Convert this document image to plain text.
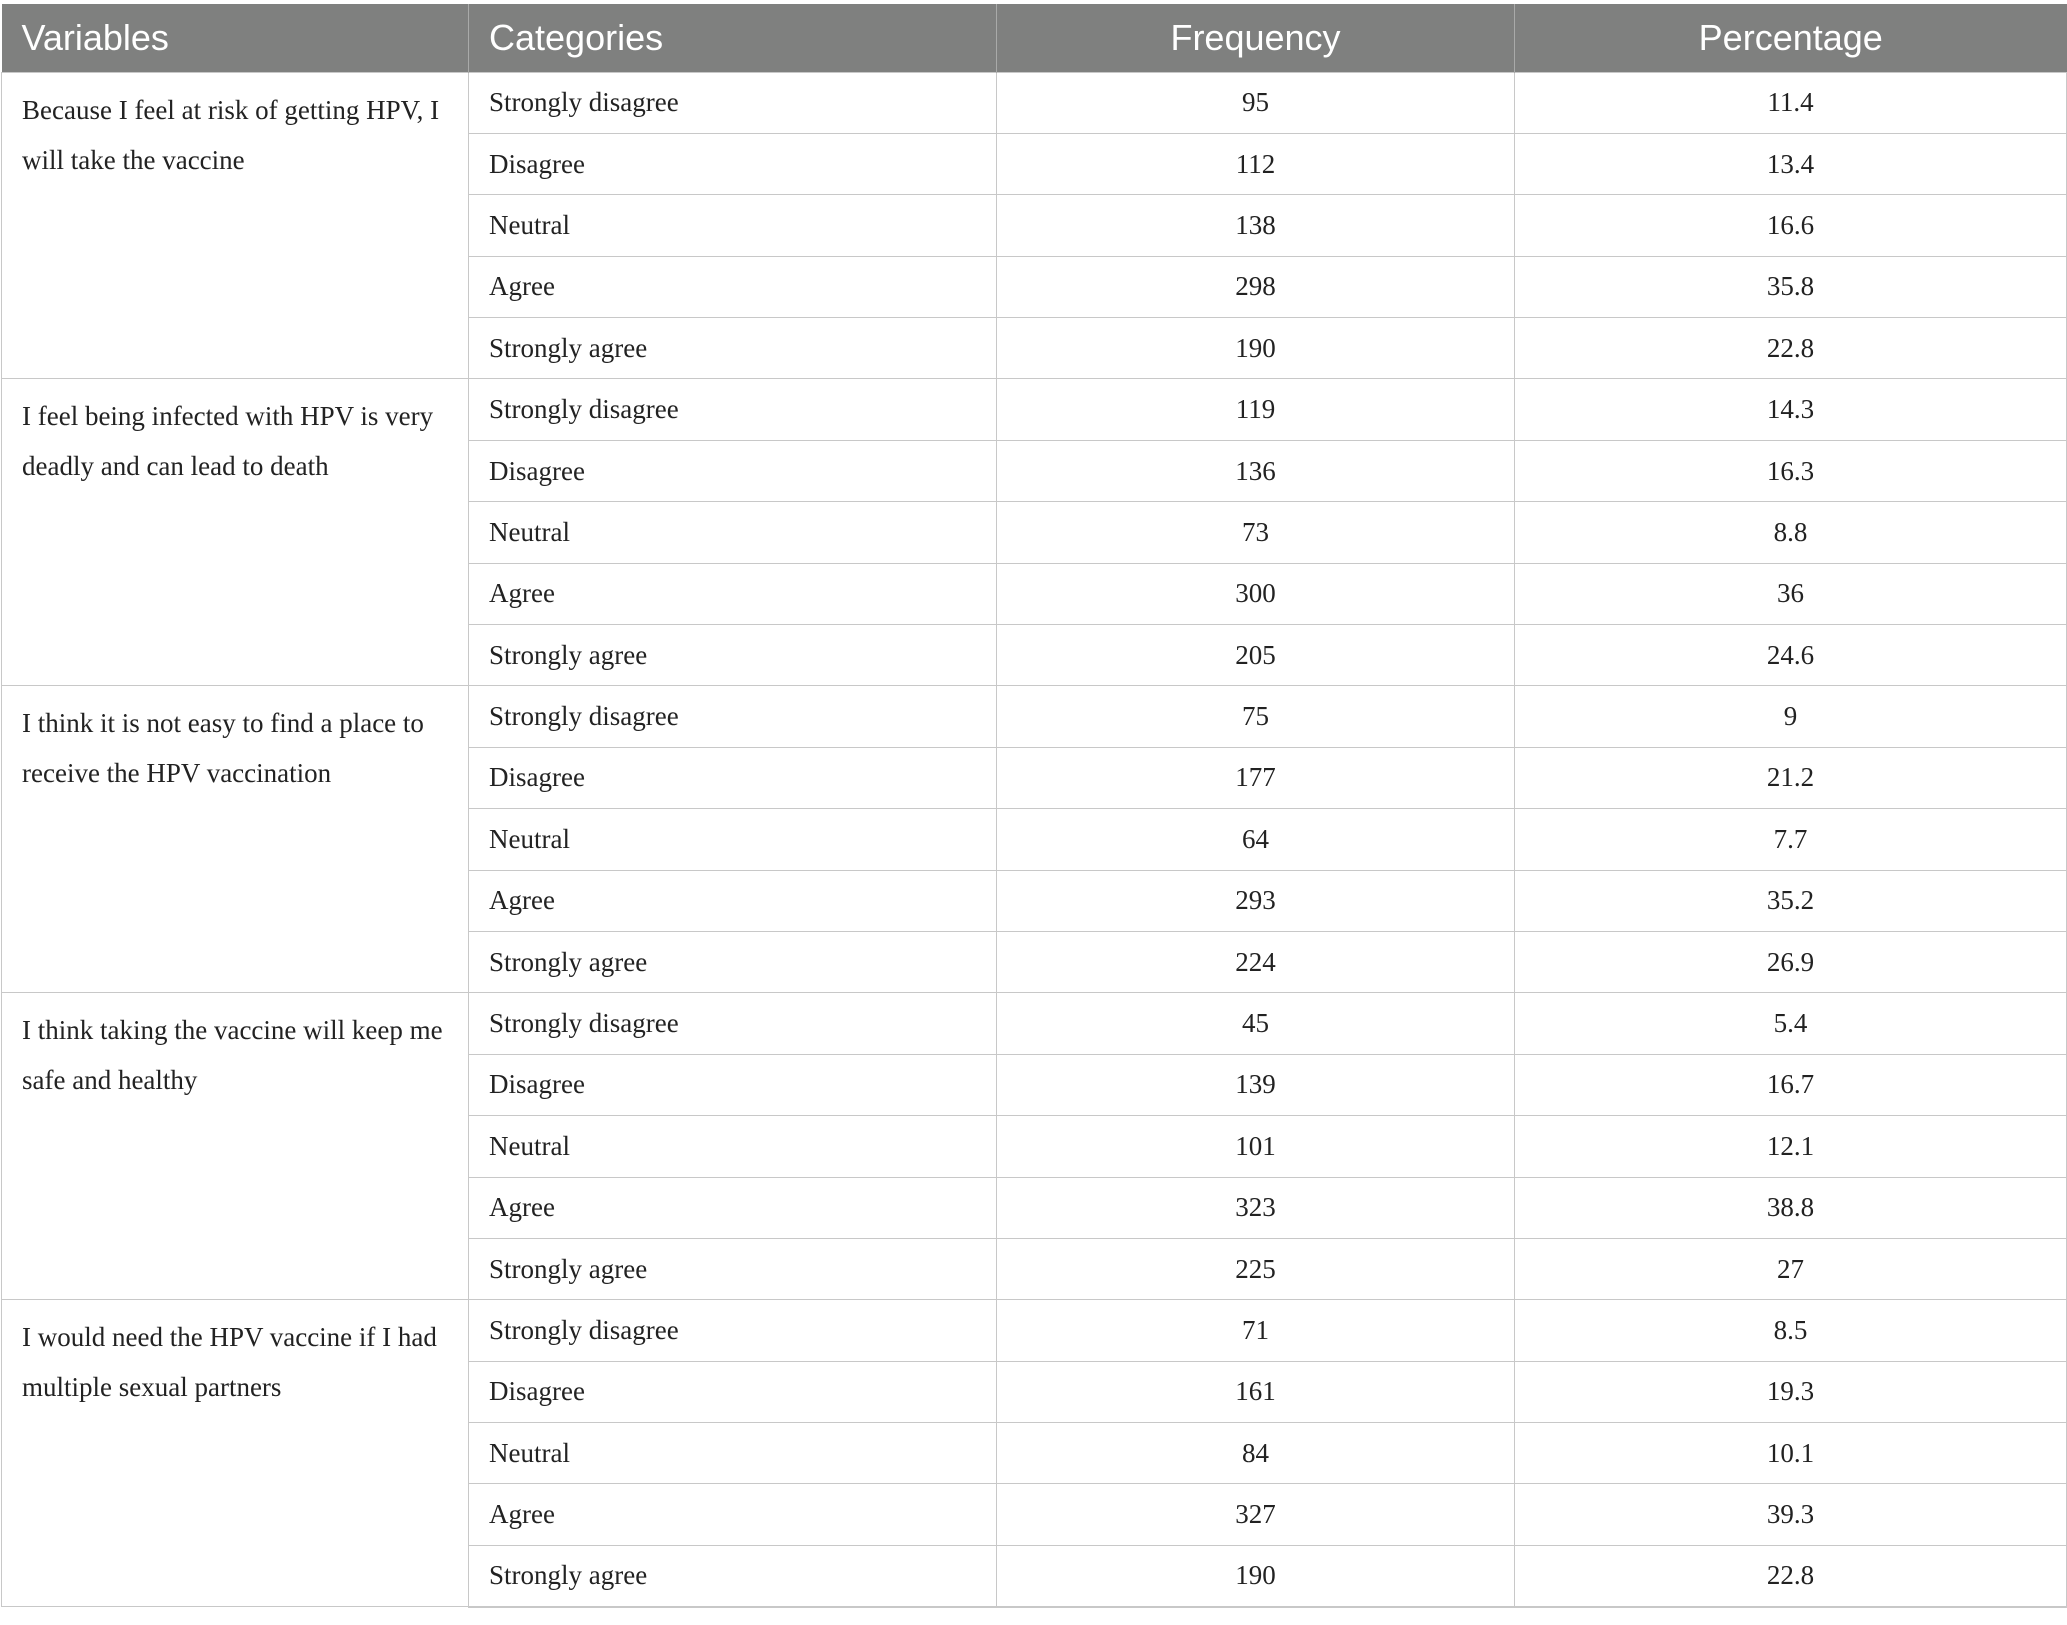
Variables	Categories	Frequency	Percentage
Because I feel at risk of getting HPV, I will take the vaccine	Strongly disagree	95	11.4
	Disagree	112	13.4
	Neutral	138	16.6
	Agree	298	35.8
	Strongly agree	190	22.8
I feel being infected with HPV is very deadly and can lead to death	Strongly disagree	119	14.3
	Disagree	136	16.3
	Neutral	73	8.8
	Agree	300	36
	Strongly agree	205	24.6
I think it is not easy to find a place to receive the HPV vaccination	Strongly disagree	75	9
	Disagree	177	21.2
	Neutral	64	7.7
	Agree	293	35.2
	Strongly agree	224	26.9
I think taking the vaccine will keep me safe and healthy	Strongly disagree	45	5.4
	Disagree	139	16.7
	Neutral	101	12.1
	Agree	323	38.8
	Strongly agree	225	27
I would need the HPV vaccine if I had multiple sexual partners	Strongly disagree	71	8.5
	Disagree	161	19.3
	Neutral	84	10.1
	Agree	327	39.3
	Strongly agree	190	22.8
